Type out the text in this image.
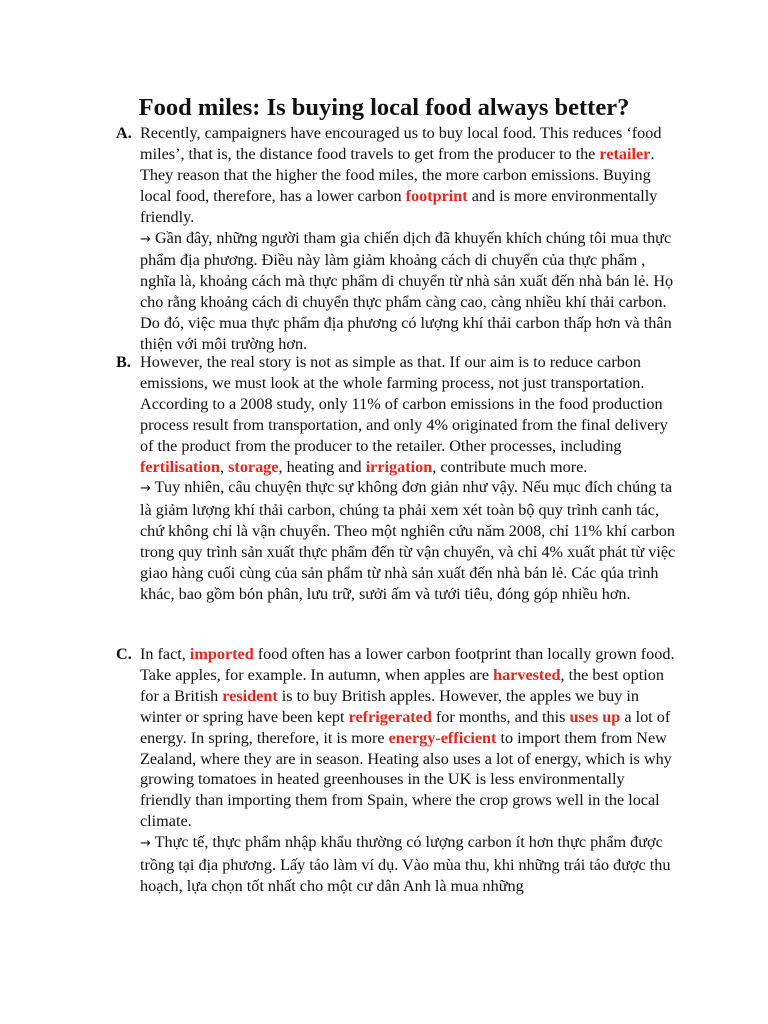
Food miles: Is buying local food always better?
A. Recently, campaigners have encouraged us to buy local food. This reduces ‘food miles’, that is, the distance food travels to get from the producer to the retailer. They reason that the higher the food miles, the more carbon emissions. Buying local food, therefore, has a lower carbon footprint and is more environmentally friendly.
→ Gần đây, những người tham gia chiến dịch đã khuyến khích chúng tôi mua thực phẩm địa phương. Điều này làm giảm khoảng cách di chuyển của thực phẩm , nghĩa là, khoảng cách mà thực phẩm di chuyển từ nhà sản xuất đến nhà bán lẻ. Họ cho rằng khoảng cách di chuyển thực phẩm càng cao, càng nhiều khí thải carbon. Do đó, việc mua thực phẩm địa phương có lượng khí thải carbon thấp hơn và thân thiện với môi trường hơn.
B. However, the real story is not as simple as that. If our aim is to reduce carbon emissions, we must look at the whole farming process, not just transportation. According to a 2008 study, only 11% of carbon emissions in the food production process result from transportation, and only 4% originated from the final delivery of the product from the producer to the retailer. Other processes, including fertilisation, storage, heating and irrigation, contribute much more.
→ Tuy nhiên, câu chuyện thực sự không đơn giản như vậy. Nếu mục đích chúng ta là giảm lượng khí thải carbon, chúng ta phải xem xét toàn bộ quy trình canh tác, chứ không chỉ là vận chuyển. Theo một nghiên cứu năm 2008, chỉ 11% khí carbon trong quy trình sản xuất thực phẩm đến từ vận chuyển, và chỉ 4% xuất phát từ việc giao hàng cuối cùng của sản phẩm từ nhà sản xuất đến nhà bán lẻ. Các qúa trình khác, bao gồm bón phân, lưu trữ, sưởi ấm và tưới tiêu, đóng góp nhiều hơn.
C. In fact, imported food often has a lower carbon footprint than locally grown food. Take apples, for example. In autumn, when apples are harvested, the best option for a British resident is to buy British apples. However, the apples we buy in winter or spring have been kept refrigerated for months, and this uses up a lot of energy. In spring, therefore, it is more energy-efficient to import them from New Zealand, where they are in season. Heating also uses a lot of energy, which is why growing tomatoes in heated greenhouses in the UK is less environmentally friendly than importing them from Spain, where the crop grows well in the local climate.
→ Thực tế, thực phẩm nhập khẩu thường có lượng carbon ít hơn thực phẩm được trồng tại địa phương. Lấy táo làm ví dụ. Vào mùa thu, khi những trái táo được thu hoạch, lựa chọn tốt nhất cho một cư dân Anh là mua những
